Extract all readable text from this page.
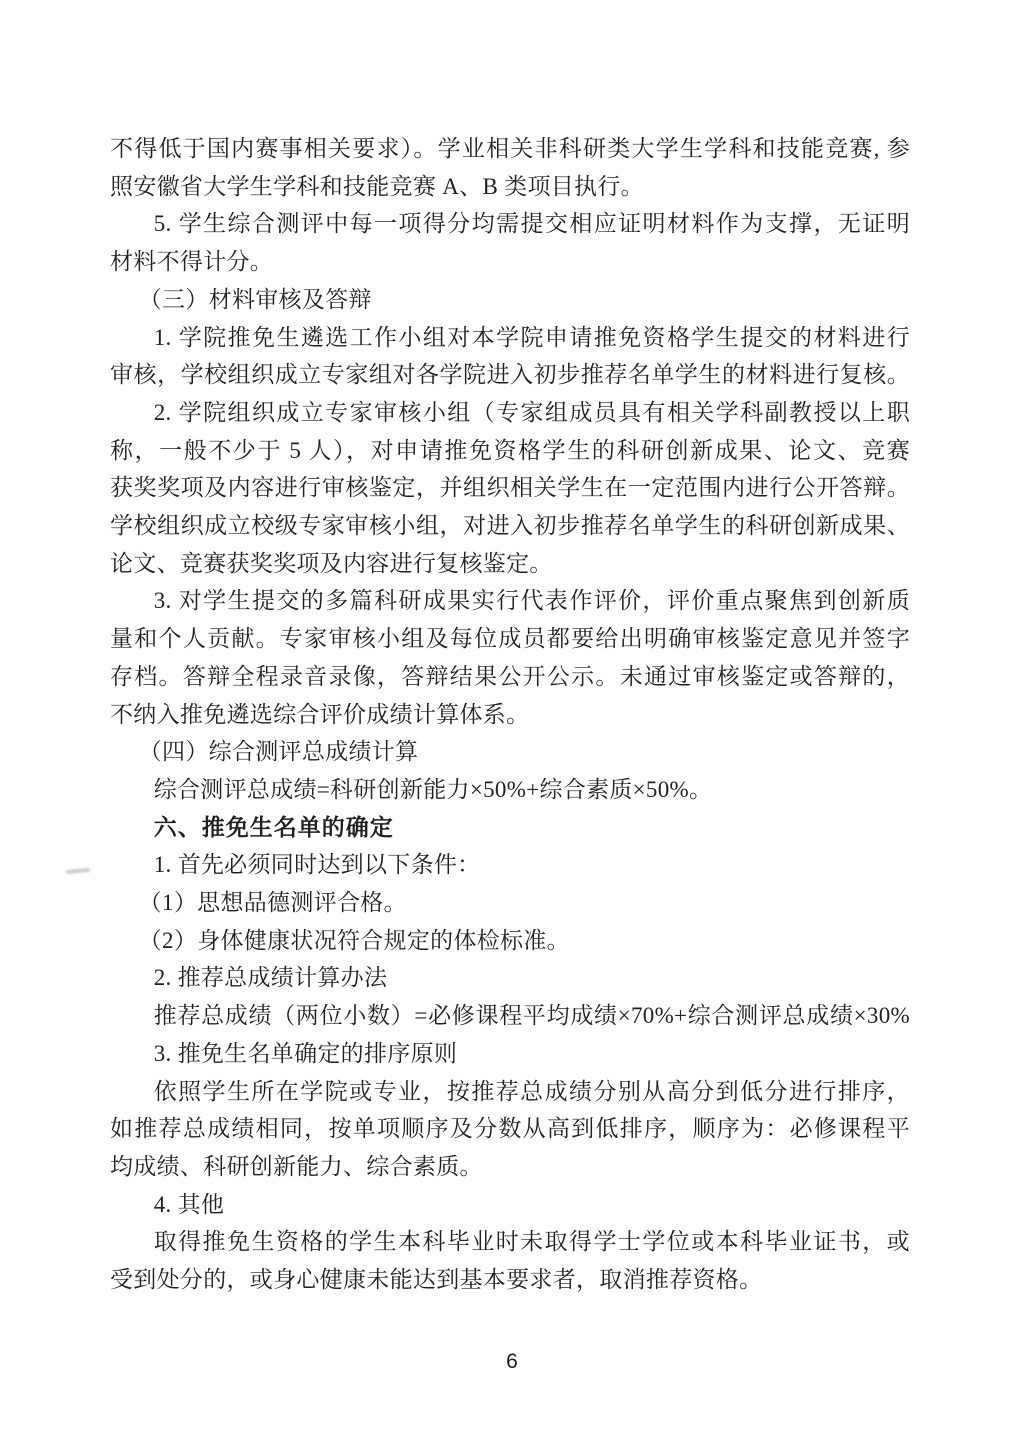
不得低于国内赛事相关要求）。学业相关非科研类大学生学科和技能竞赛, 参
照安徽省大学生学科和技能竞赛 A、B 类项目执行。
5. 学生综合测评中每一项得分均需提交相应证明材料作为支撑，无证明
材料不得计分。
（三）材料审核及答辩
1. 学院推免生遴选工作小组对本学院申请推免资格学生提交的材料进行
审核，学校组织成立专家组对各学院进入初步推荐名单学生的材料进行复核。
2. 学院组织成立专家审核小组（专家组成员具有相关学科副教授以上职
称，一般不少于 5 人），对申请推免资格学生的科研创新成果、论文、竞赛
获奖奖项及内容进行审核鉴定，并组织相关学生在一定范围内进行公开答辩。
学校组织成立校级专家审核小组，对进入初步推荐名单学生的科研创新成果、
论文、竞赛获奖奖项及内容进行复核鉴定。
3. 对学生提交的多篇科研成果实行代表作评价，评价重点聚焦到创新质
量和个人贡献。专家审核小组及每位成员都要给出明确审核鉴定意见并签字
存档。答辩全程录音录像，答辩结果公开公示。未通过审核鉴定或答辩的，
不纳入推免遴选综合评价成绩计算体系。
（四）综合测评总成绩计算
综合测评总成绩=科研创新能力×50%+综合素质×50%。
六、推免生名单的确定
1. 首先必须同时达到以下条件：
（1）思想品德测评合格。
（2）身体健康状况符合规定的体检标准。
2. 推荐总成绩计算办法
推荐总成绩（两位小数）=必修课程平均成绩×70%+综合测评总成绩×30%
3. 推免生名单确定的排序原则
依照学生所在学院或专业，按推荐总成绩分别从高分到低分进行排序，
如推荐总成绩相同，按单项顺序及分数从高到低排序，顺序为：必修课程平
均成绩、科研创新能力、综合素质。
4. 其他
取得推免生资格的学生本科毕业时未取得学士学位或本科毕业证书，或
受到处分的，或身心健康未能达到基本要求者，取消推荐资格。
6
